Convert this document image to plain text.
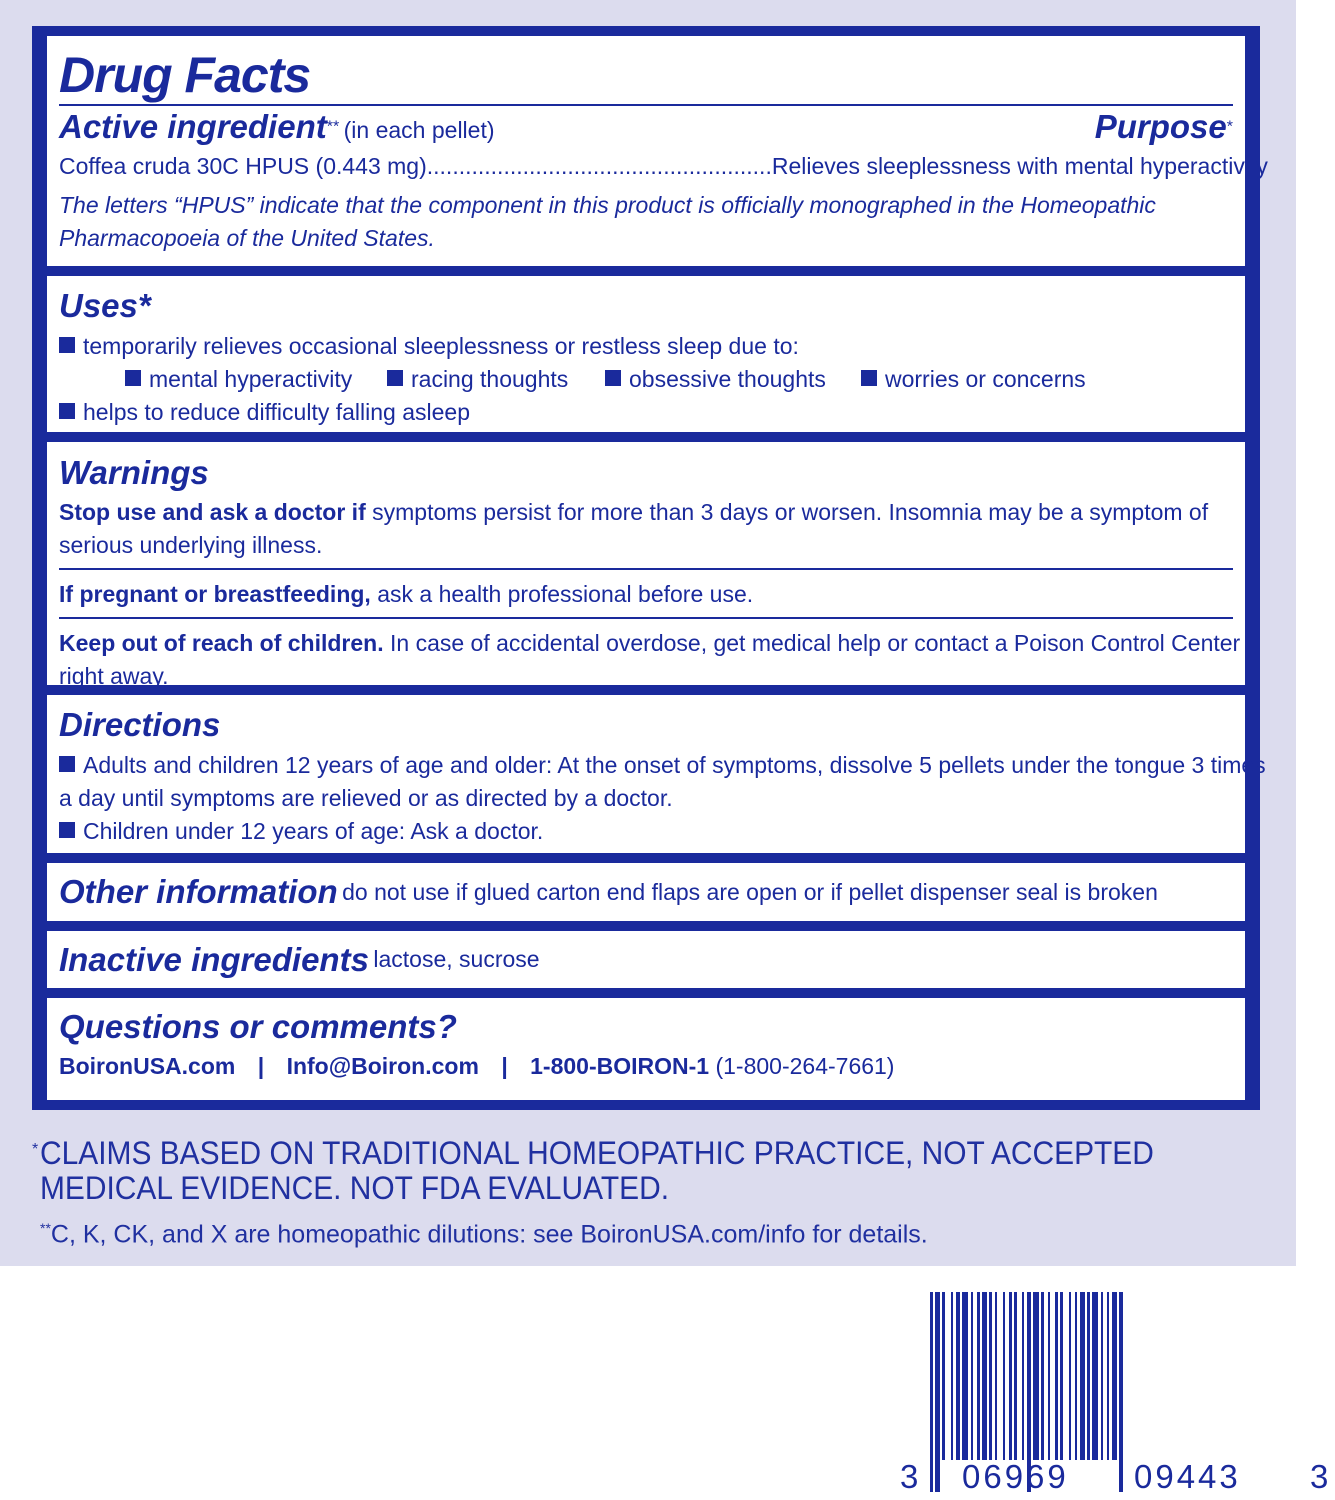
Drug Facts
Active ingredient** (in each pellet)	Purpose*
Coffea cruda 30C HPUS (0.443 mg) ...................................................... Relieves sleeplessness with mental hyperactivity
The letters “HPUS” indicate that the component in this product is officially monographed in the Homeopathic
Pharmacopoeia of the United States.
Uses*
temporarily relieves occasional sleeplessness or restless sleep due to:
mental hyperactivity	racing thoughts	obsessive thoughts	worries or concerns
helps to reduce difficulty falling asleep
Warnings
Stop use and ask a doctor if symptoms persist for more than 3 days or worsen. Insomnia may be a symptom of
serious underlying illness.
If pregnant or breastfeeding, ask a health professional before use.
Keep out of reach of children. In case of accidental overdose, get medical help or contact a Poison Control Center
right away.
Directions
Adults and children 12 years of age and older: At the onset of symptoms, dissolve 5 pellets under the tongue 3 times
a day until symptoms are relieved or as directed by a doctor.
Children under 12 years of age: Ask a doctor.
Other information
do not use if glued carton end flaps are open or if pellet dispenser seal is broken
Inactive ingredients
lactose, sucrose
Questions or comments?
BoironUSA.com | Info@Boiron.com | 1-800-BOIRON-1 (1-800-264-7661)
* CLAIMS BASED ON TRADITIONAL HOMEOPATHIC PRACTICE, NOT ACCEPTED
MEDICAL EVIDENCE. NOT FDA EVALUATED.
**C, K, CK, and X are homeopathic dilutions: see BoironUSA.com/info for details.
3 06969 09443 3
